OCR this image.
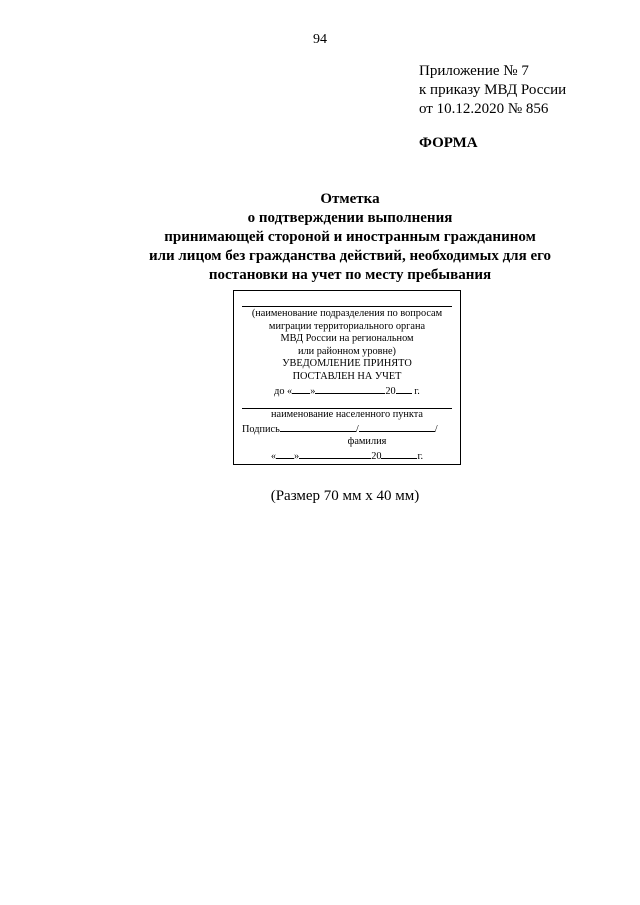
94
Приложение № 7
к приказу МВД России
от 10.12.2020 № 856
ФОРМА
Отметка
о подтверждении выполнения
принимающей стороной и иностранным гражданином
или лицом без гражданства действий, необходимых для его
постановки на учет по месту пребывания
(наименование подразделения по вопросам
миграции территориального органа
МВД России на региональном
или районном уровне)
УВЕДОМЛЕНИЕ ПРИНЯТО
ПОСТАВЛЕН НА УЧЕТ
до « »	20 г.
наименование населенного пункта
Подпись	/	/
фамилия
« »	20	г.
(Размер 70 мм х 40 мм)
